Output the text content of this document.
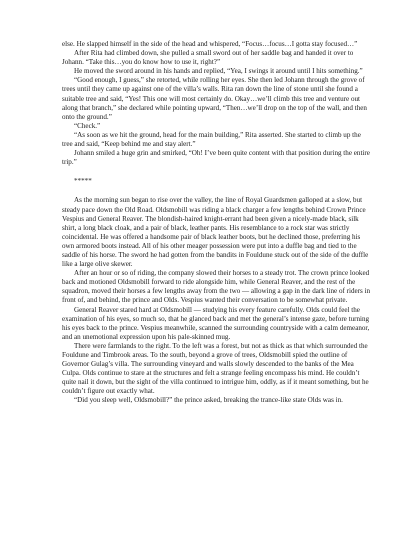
else. He slapped himself in the side of the head and whispered, “Focus…focus…I gotta stay focused…”

After Rita had climbed down, she pulled a small sword out of her saddle bag and handed it over to Johann. “Take this…you do know how to use it, right?”

He moved the sword around in his hands and replied, “Yea, I swings it around until I hits something.”

“Good enough, I guess,” she retorted, while rolling her eyes. She then led Johann through the grove of trees until they came up against one of the villa’s walls. Rita ran down the line of stone until she found a suitable tree and said, “Yes! This one will most certainly do. Okay…we’ll climb this tree and venture out along that branch,” she declared while pointing upward, “Then…we’ll drop on the top of the wall, and then onto the ground.”

“Check.”

“As soon as we hit the ground, head for the main building,” Rita asserted. She started to climb up the tree and said, “Keep behind me and stay alert.”

Johann smiled a huge grin and smirked, “Oh! I’ve been quite content with that position during the entire trip.”

*****

As the morning sun began to rise over the valley, the line of Royal Guardsmen galloped at a slow, but steady pace down the Old Road. Oldsmobill was riding a black charger a few lengths behind Crown Prince Vespius and General Reaver. The blondish-haired knight-errant had been given a nicely-made black, silk shirt, a long black cloak, and a pair of black, leather pants. His resemblance to a rock star was strictly coincidental. He was offered a handsome pair of black leather boots, but he declined those, preferring his own armored boots instead. All of his other meager possession were put into a duffle bag and tied to the saddle of his horse. The sword he had gotten from the bandits in Fouldune stuck out of the side of the duffle like a large olive skewer.

After an hour or so of riding, the company slowed their horses to a steady trot. The crown prince looked back and motioned Oldsmobill forward to ride alongside him, while General Reaver, and the rest of the squadron, moved their horses a few lengths away from the two — allowing a gap in the dark line of riders in front of, and behind, the prince and Olds. Vespius wanted their conversation to be somewhat private.

General Reaver stared hard at Oldsmobill — studying his every feature carefully. Olds could feel the examination of his eyes, so much so, that he glanced back and met the general’s intense gaze, before turning his eyes back to the prince. Vespius meanwhile, scanned the surrounding countryside with a calm demeanor, and an unemotional expression upon his pale-skinned mug.

There were farmlands to the right. To the left was a forest, but not as thick as that which surrounded the Fouldune and Timbrook areas. To the south, beyond a grove of trees, Oldsmobill spied the outline of Governor Gulag’s villa. The surrounding vineyard and walls slowly descended to the banks of the Mea Culpa. Olds continue to stare at the structures and felt a strange feeling encompass his mind. He couldn’t quite nail it down, but the sight of the villa continued to intrigue him, oddly, as if it meant something, but he couldn’t figure out exactly what.

“Did you sleep well, Oldsmobill?” the prince asked, breaking the trance-like state Olds was in.
